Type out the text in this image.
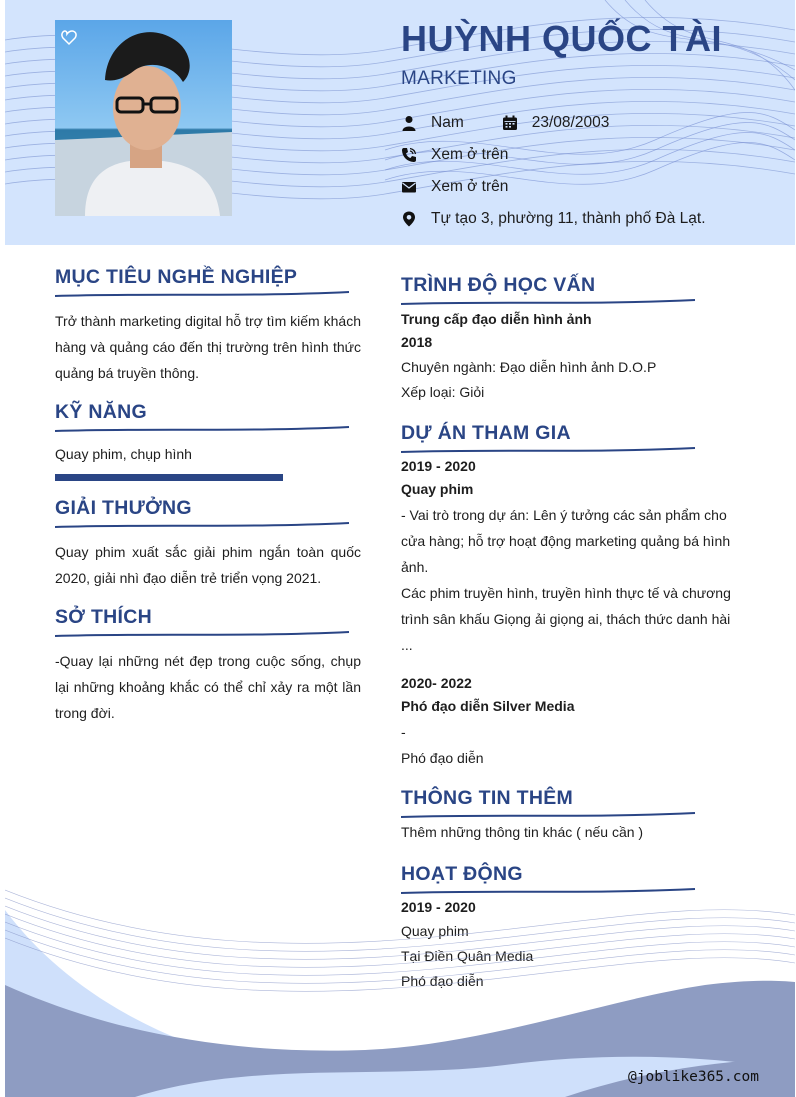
HUỲNH QUỐC TÀI
MARKETING
Nam	23/08/2003
Xem ở trên
Xem ở trên
Tự tạo 3, phường 11, thành phố Đà Lạt.
MỤC TIÊU NGHỀ NGHIỆP
Trở thành marketing digital hỗ trợ tìm kiếm khách hàng và quảng cáo đến thị trường trên hình thức quảng bá truyền thông.
KỸ NĂNG
Quay phim, chụp hình
GIẢI THƯỞNG
Quay phim xuất sắc giải phim ngắn toàn quốc 2020, giải nhì đạo diễn trẻ triển vọng 2021.
SỞ THÍCH
-Quay lại những nét đẹp trong cuộc sống, chụp lại những khoảng khắc có thể chỉ xảy ra một lần trong đời.
TRÌNH ĐỘ HỌC VẤN
Trung cấp đạo diễn hình ảnh
2018
Chuyên ngành: Đạo diễn hình ảnh D.O.P
Xếp loại: Giỏi
DỰ ÁN THAM GIA
2019 - 2020
Quay phim
- Vai trò trong dự án: Lên ý tưởng các sản phẩm cho
cửa hàng; hỗ trợ hoạt động marketing quảng bá hình
ảnh.
Các phim truyền hình, truyền hình thực tế và chương
trình sân khấu Giọng ải giọng ai, thách thức danh hài
...
2020- 2022
Phó đạo diễn Silver Media
-
Phó đạo diễn
THÔNG TIN THÊM
Thêm những thông tin khác ( nếu cần )
HOẠT ĐỘNG
2019 - 2020
Quay phim
Tại Điền Quân Media
Phó đạo diễn
@joblike365.com
